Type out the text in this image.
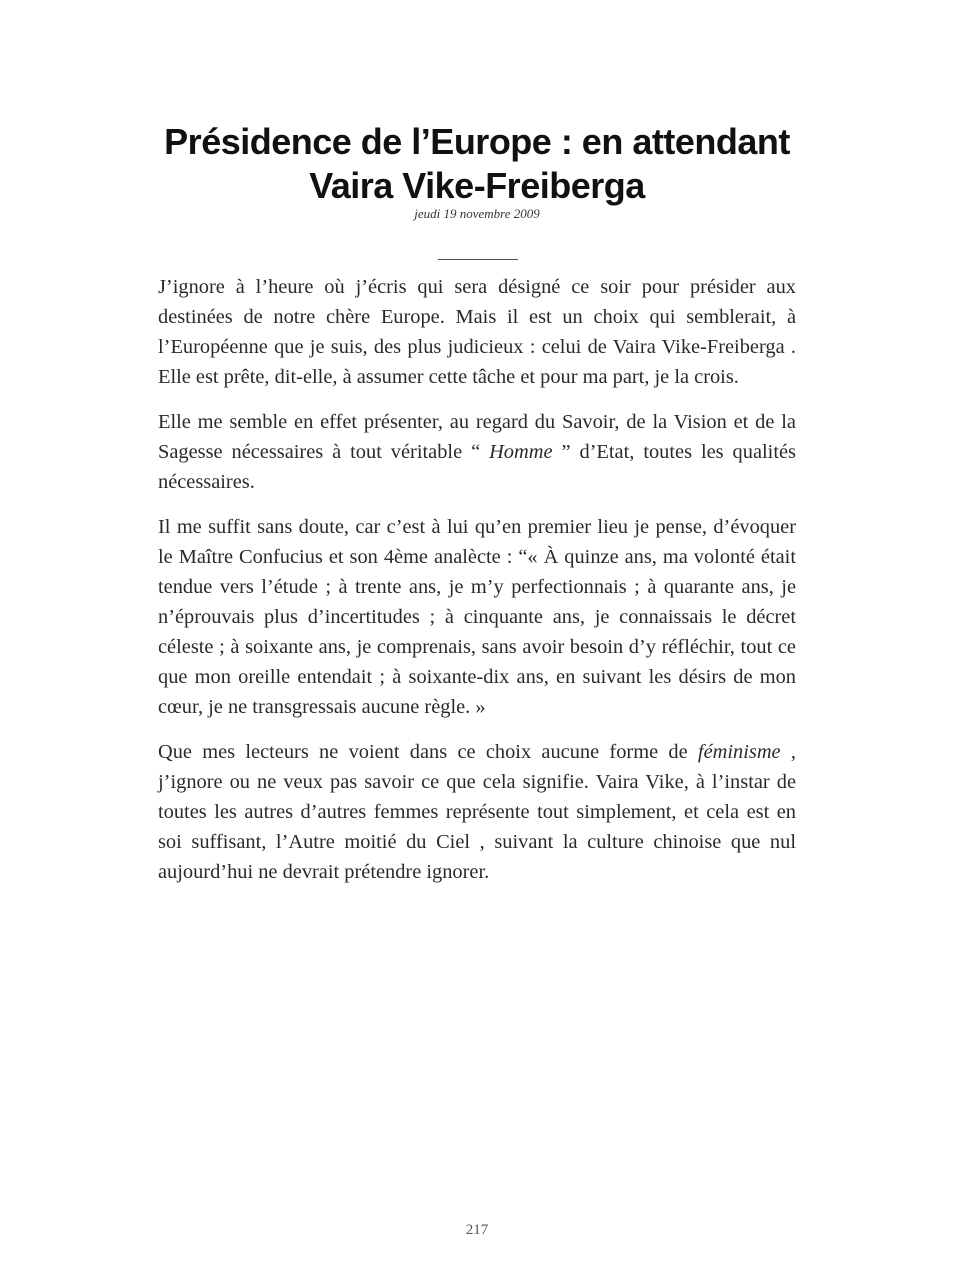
Présidence de l’Europe : en attendant
Vaira Vike-Freiberga
jeudi 19 novembre 2009
__________

J’ignore à l’heure où j’écris qui sera désigné ce soir pour présider aux destinées de notre chère Europe. Mais il est un choix qui semblerait, à l’Européenne que je suis, des plus judicieux : celui de Vaira Vike-Freiberga . Elle est prête, dit-elle, à assumer cette tâche et pour ma part, je la crois.

Elle me semble en effet présenter, au regard du Savoir, de la Vision et de la Sagesse nécessaires à tout véritable “ Homme ” d’Etat, toutes les qualités nécessaires.

Il me suffit sans doute, car c’est à lui qu’en premier lieu je pense, d’évoquer le Maître Confucius et son 4ème analècte : “« À quinze ans, ma volonté était tendue vers l’étude ; à trente ans, je m’y perfectionnais ; à quarante ans, je n’éprouvais plus d’incertitudes ; à cinquante ans, je connaissais le décret céleste ; à soixante ans, je comprenais, sans avoir besoin d’y réfléchir, tout ce que mon oreille entendait ; à soixante-dix ans, en suivant les désirs de mon cœur, je ne transgressais aucune règle. »

Que mes lecteurs ne voient dans ce choix aucune forme de féminisme , j’ignore ou ne veux pas savoir ce que cela signifie. Vaira Vike, à l’instar de toutes les autres d’autres femmes représente tout simplement, et cela est en soi suffisant, l’Autre moitié du Ciel , suivant la culture chinoise que nul aujourd’hui ne devrait prétendre ignorer.

217
